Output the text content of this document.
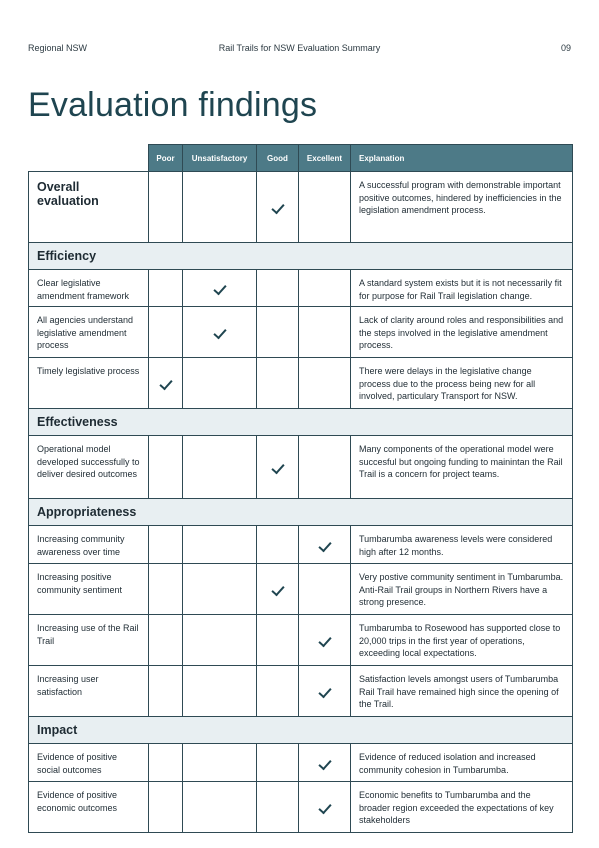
Regional NSW	Rail Trails for NSW Evaluation Summary	09
Evaluation findings
	Poor	Unsatisfactory	Good	Excellent	Explanation
Overall evaluation					A successful program with demonstrable important positive outcomes, hindered by inefficiencies in the legislation amendment process.
Efficiency					
Clear legislative amendment framework					A standard system exists but it is not necessarily fit for purpose for Rail Trail legislation change.
All agencies understand legislative amendment process					Lack of clarity around roles and responsibilities and the steps involved in the legislative amendment process.
Timely legislative process					There were delays in the legislative change process due to the process being new for all involved, particulary Transport for NSW.
Effectiveness					
Operational model developed successfully to deliver desired outcomes					Many components of the operational model were succesful but ongoing funding to mainintan the Rail Trail is a concern for project teams.
Appropriateness					
Increasing community awareness over time					Tumbarumba awareness levels were considered high after 12 months.
Increasing positive community sentiment					Very postive community sentiment in Tumbarumba. Anti-Rail Trail groups in Northern Rivers have a strong presence.
Increasing use of the Rail Trail					Tumbarumba to Rosewood has supported close to 20,000 trips in the first year of operations, exceeding local expectations.
Increasing user satisfaction					Satisfaction levels amongst users of Tumbarumba Rail Trail have remained high since the opening of the Trail.
Impact					
Evidence of positive social outcomes					Evidence of reduced isolation and increased community cohesion in Tumbarumba.
Evidence of positive economic outcomes					Economic benefits to Tumbarumba and the broader region exceeded the expectations of key stakeholders
